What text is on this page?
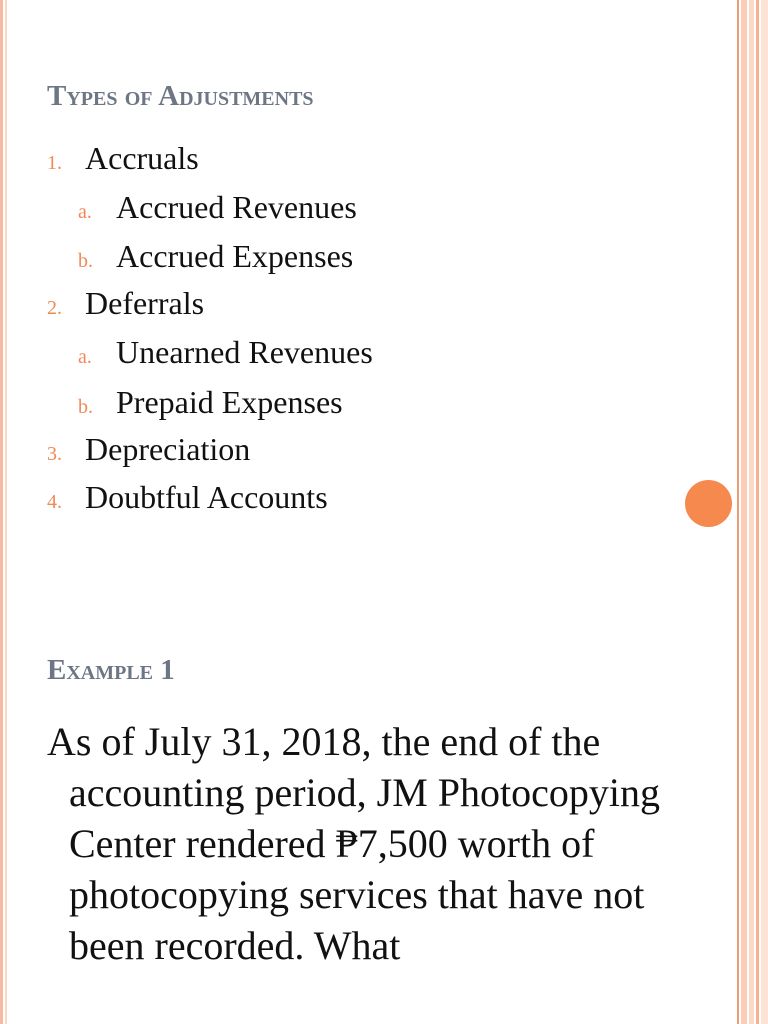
Types of Adjustments
1. Accruals
a. Accrued Revenues
b. Accrued Expenses
2. Deferrals
a. Unearned Revenues
b. Prepaid Expenses
3. Depreciation
4. Doubtful Accounts
Example 1

As of July 31, 2018, the end of the accounting period, JM Photocopying Center rendered ₱7,500 worth of photocopying services that have not been recorded. What
